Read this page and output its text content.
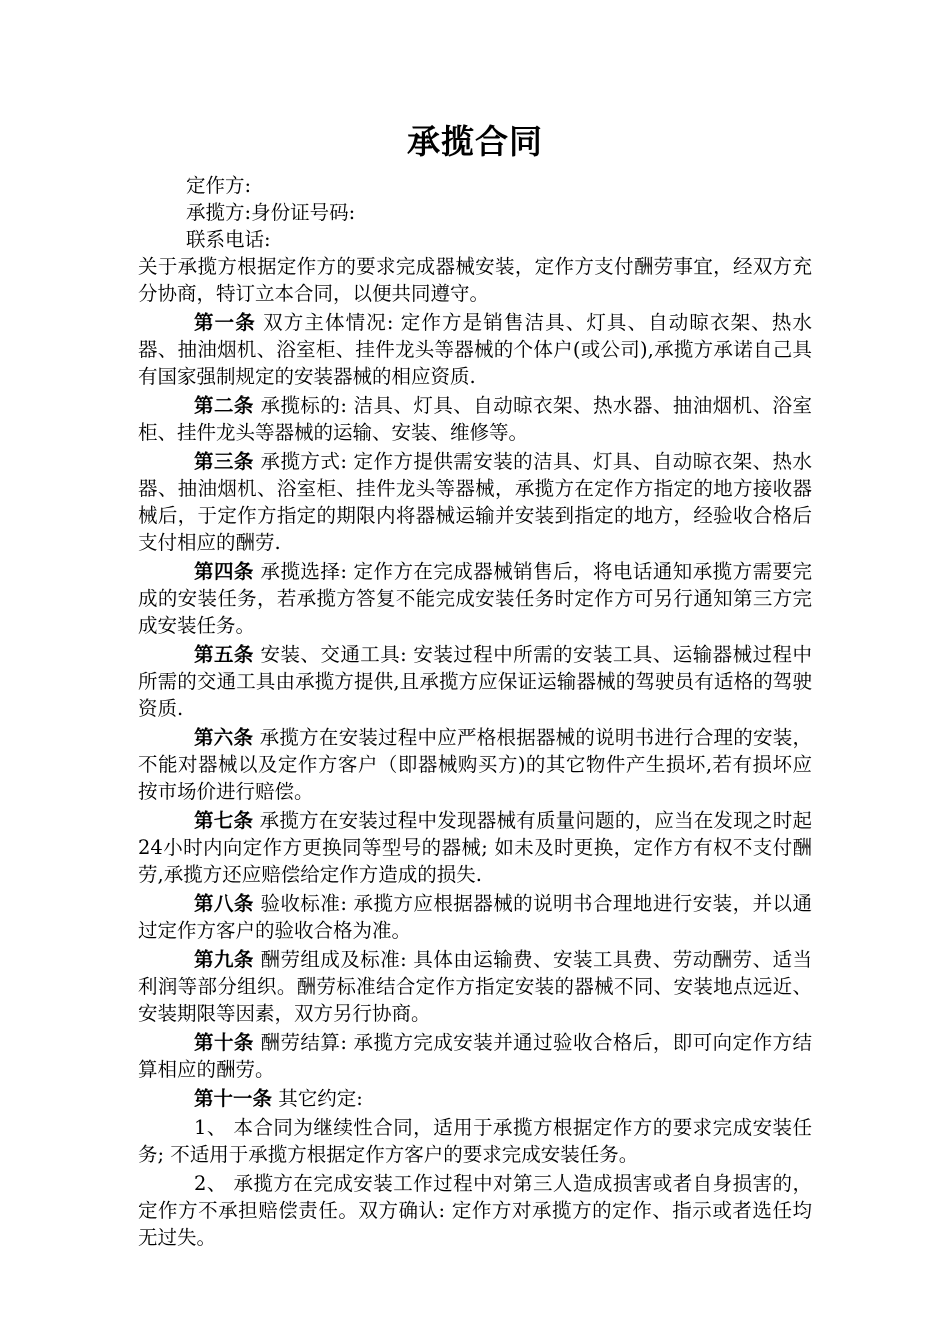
承揽合同
定作方:
承揽方:身份证号码:
联系电话:

关于承揽方根据定作方的要求完成器械安装，定作方支付酬劳事宜，经双方充分协商，特订立本合同，以便共同遵守。

第一条 双方主体情况: 定作方是销售洁具、灯具、自动晾衣架、热水器、抽油烟机、浴室柜、挂件龙头等器械的个体户(或公司),承揽方承诺自己具有国家强制规定的安装器械的相应资质.

第二条 承揽标的: 洁具、灯具、自动晾衣架、热水器、抽油烟机、浴室柜、挂件龙头等器械的运输、安装、维修等。

第三条 承揽方式: 定作方提供需安装的洁具、灯具、自动晾衣架、热水器、抽油烟机、浴室柜、挂件龙头等器械，承揽方在定作方指定的地方接收器械后，于定作方指定的期限内将器械运输并安装到指定的地方，经验收合格后支付相应的酬劳.

第四条 承揽选择: 定作方在完成器械销售后，将电话通知承揽方需要完成的安装任务，若承揽方答复不能完成安装任务时定作方可另行通知第三方完成安装任务。

第五条 安装、交通工具: 安装过程中所需的安装工具、运输器械过程中所需的交通工具由承揽方提供,且承揽方应保证运输器械的驾驶员有适格的驾驶资质.

第六条 承揽方在安装过程中应严格根据器械的说明书进行合理的安装，不能对器械以及定作方客户（即器械购买方)的其它物件产生损坏,若有损坏应按市场价进行赔偿。

第七条 承揽方在安装过程中发现器械有质量问题的，应当在发现之时起24小时内向定作方更换同等型号的器械; 如未及时更换，定作方有权不支付酬劳,承揽方还应赔偿给定作方造成的损失.

第八条 验收标准: 承揽方应根据器械的说明书合理地进行安装，并以通过定作方客户的验收合格为准。

第九条 酬劳组成及标准: 具体由运输费、安装工具费、劳动酬劳、适当利润等部分组织。酬劳标准结合定作方指定安装的器械不同、安装地点远近、安装期限等因素，双方另行协商。

第十条 酬劳结算: 承揽方完成安装并通过验收合格后，即可向定作方结算相应的酬劳。

第十一条 其它约定:

1、 本合同为继续性合同，适用于承揽方根据定作方的要求完成安装任务; 不适用于承揽方根据定作方客户的要求完成安装任务。

2、 承揽方在完成安装工作过程中对第三人造成损害或者自身损害的，定作方不承担赔偿责任。双方确认: 定作方对承揽方的定作、指示或者选任均无过失。
